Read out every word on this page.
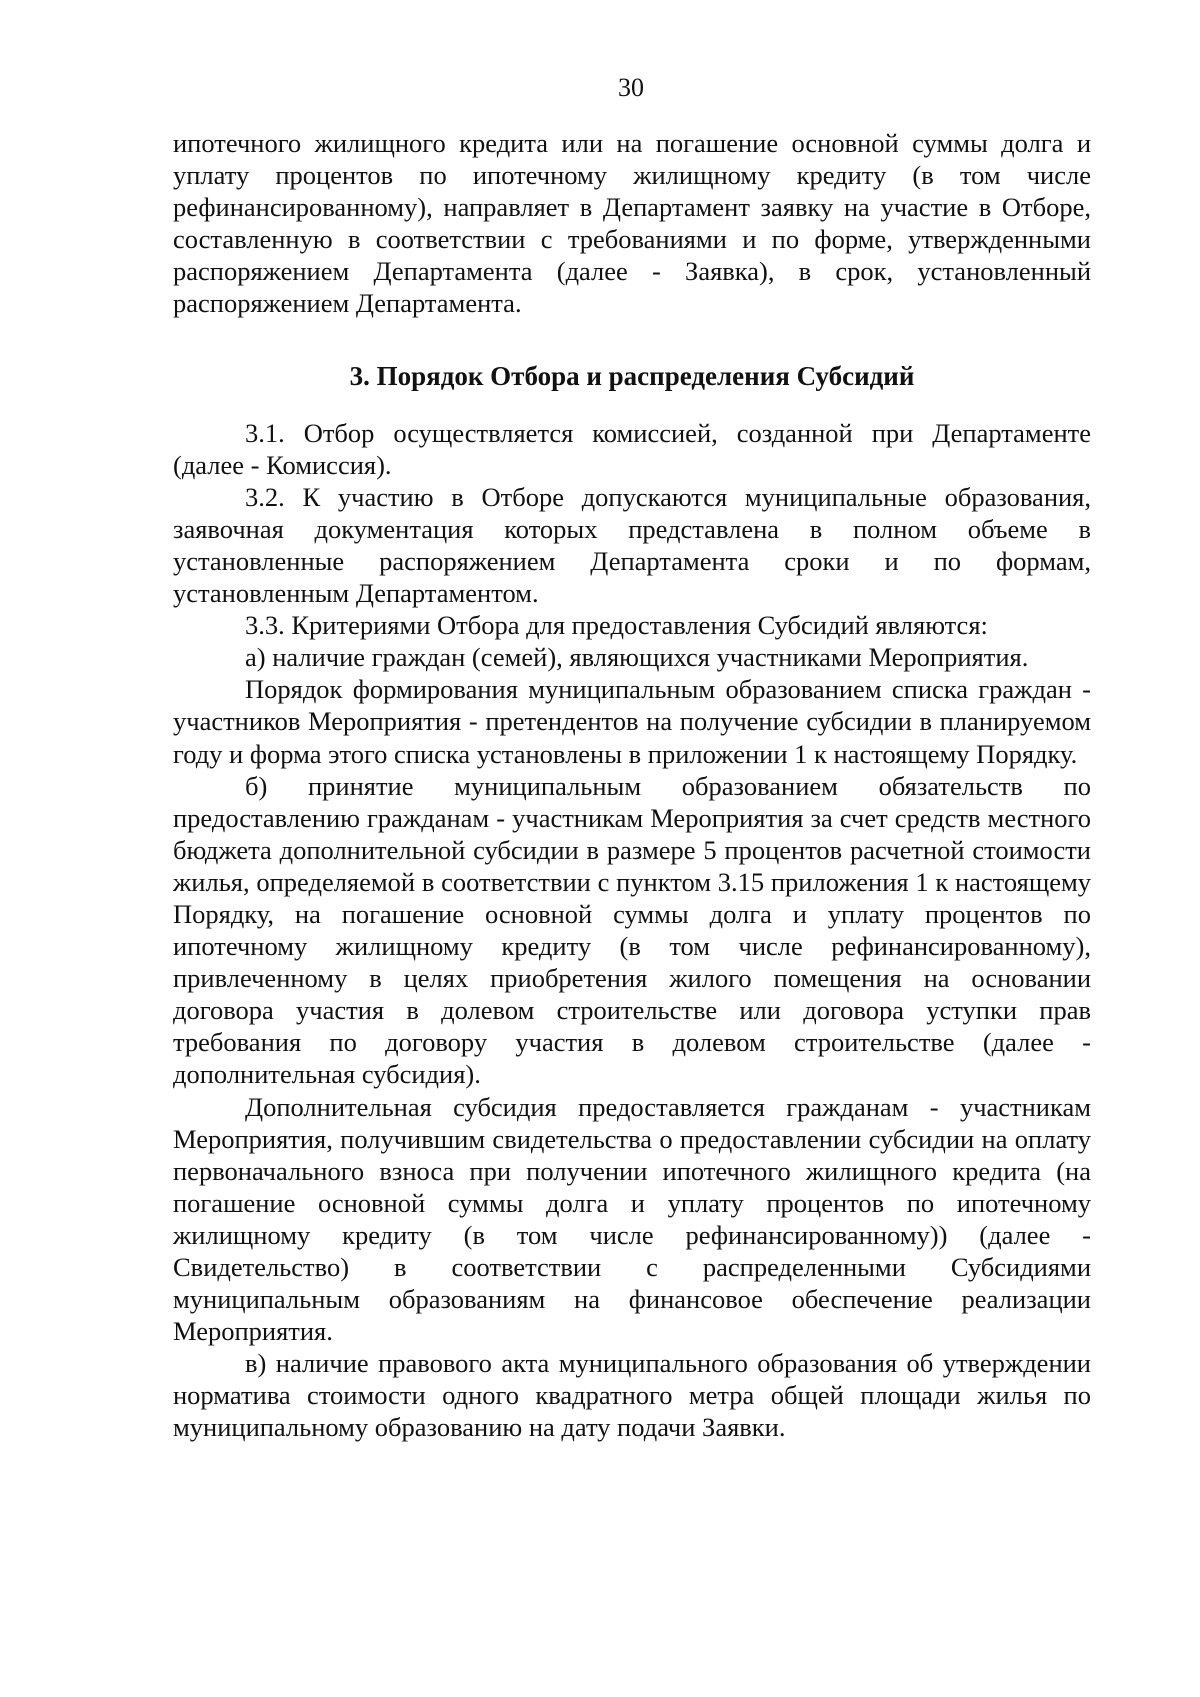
30

ипотечного жилищного кредита или на погашение основной суммы долга и уплату процентов по ипотечному жилищному кредиту (в том числе рефинансированному), направляет в Департамент заявку на участие в Отборе, составленную в соответствии с требованиями и по форме, утвержденными распоряжением Департамента (далее - Заявка), в срок, установленный распоряжением Департамента.

3. Порядок Отбора и распределения Субсидий

3.1. Отбор осуществляется комиссией, созданной при Департаменте (далее - Комиссия).

3.2. К участию в Отборе допускаются муниципальные образования, заявочная документация которых представлена в полном объеме в установленные распоряжением Департамента сроки и по формам, установленным Департаментом.

3.3. Критериями Отбора для предоставления Субсидий являются:

а) наличие граждан (семей), являющихся участниками Мероприятия.

Порядок формирования муниципальным образованием списка граждан - участников Мероприятия - претендентов на получение субсидии в планируемом году и форма этого списка установлены в приложении 1 к настоящему Порядку.

б) принятие муниципальным образованием обязательств по предоставлению гражданам - участникам Мероприятия за счет средств местного бюджета дополнительной субсидии в размере 5 процентов расчетной стоимости жилья, определяемой в соответствии с пунктом 3.15 приложения 1 к настоящему Порядку, на погашение основной суммы долга и уплату процентов по ипотечному жилищному кредиту (в том числе рефинансированному), привлеченному в целях приобретения жилого помещения на основании договора участия в долевом строительстве или договора уступки прав требования по договору участия в долевом строительстве (далее - дополнительная субсидия).

Дополнительная субсидия предоставляется гражданам - участникам Мероприятия, получившим свидетельства о предоставлении субсидии на оплату первоначального взноса при получении ипотечного жилищного кредита (на погашение основной суммы долга и уплату процентов по ипотечному жилищному кредиту (в том числе рефинансированному)) (далее - Свидетельство) в соответствии с распределенными Субсидиями муниципальным образованиям на финансовое обеспечение реализации Мероприятия.

в) наличие правового акта муниципального образования об утверждении норматива стоимости одного квадратного метра общей площади жилья по муниципальному образованию на дату подачи Заявки.
